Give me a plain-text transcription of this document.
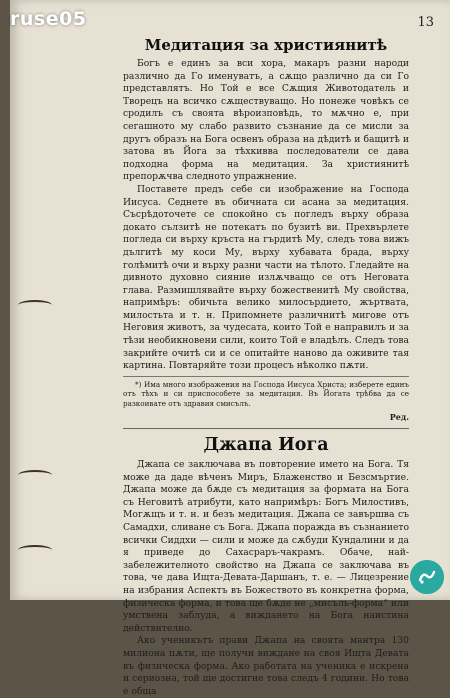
13
Медитация за християнитѣ

Богъ е единъ за вси хора, макаръ разни народи различно да Го именуватъ, а сѫщо различно да си Го представлятъ. Но Той е все Сѫщия Животодатель и Творецъ на всичко сѫществуващо. Но понеже човѣкъ се сродилъ съ своята вѣроизповѣдь, то мѫчно е, при сегашното му слабо развито съзнание да се мисли за другъ образъ на Бога освенъ образа на дѣдитѣ и бащитѣ и затова въ Йога за тѣхкивва последователи се дава подходна форма на медитация. За християнитѣ препорѫчва следното упражнение.

Поставете предъ себе си изображение на Господа Иисуса. Седнете въ обичната си асана за медитация. Съсрѣдоточете се спокойно съ погледъ върху образа докато сълзитѣ не потекатъ по бузитѣ ви. Прехвърлете погледа си върху кръста на гърдитѣ Му, следъ това вижъ дългитѣ му коси Му, върху хубавата брада, върху голѣмитѣ очи и върху разни части на тѣлото. Гледайте на дивното духовно сияние излѫчващо се отъ Неговата глава. Размишлявайте върху божественитѣ Му свойства, напримѣръ: обичьта велико милосърдието, жъртвата, милостьта и т. н. Припомнете различнитѣ мигове отъ Неговия животъ, за чудесата, които Той е направилъ и за тѣзи необикновени сили, които Той е владѣлъ. Следъ това закрийте очитѣ си и се опитайте наново да оживите тая картина. Повтаряйте този процесъ нѣколко пѫти.

*) Има много изображения на Господа Иисуса Христа; изберете единъ отъ тѣхъ и си приспособете за медитация. Въ Йогата трѣбва да се разкоивате отъ здравия смисълъ.

Ред.
Джапа Иога

Джапа се заключава въ повторение името на Бога. Тя може да даде вѣченъ Миръ, Блаженство и Безсмъртие. Джапа може да бѫде съ медитация за формата на Бога съ Неговитѣ атрибути, като напримѣръ: Богъ Милостивъ, Могѫщъ и т. н. и безъ медитация. Джапа се завършва съ Самадхи, сливане съ Бога. Джапа поражда въ съзнанието всички Сиддхи — сили и може да сѫбуди Кундалини и да я приведе до Сахасраръ-чакрамъ. Обаче, най-забележителното свойство на Джапа се заключава въ това, че дава Ищта-Девата-Даршанъ, т. е. — Лицезрение на избрания Аспектъ въ Божеството въ конкретна форма, физическа форма, и това ще бѫде не „мисъль-форма“ или умствена заблуда, а виждането на Бога наистина действително.

Ако ученикътъ прави Джапа на своята мантра 130 милиона пѫти, ще получи виждане на своя Ищта Девата въ физическа форма. Ако работата на ученика е искрена и сериозна, той ще достигне това следъ 4 години. Но това е обща

ruse05
